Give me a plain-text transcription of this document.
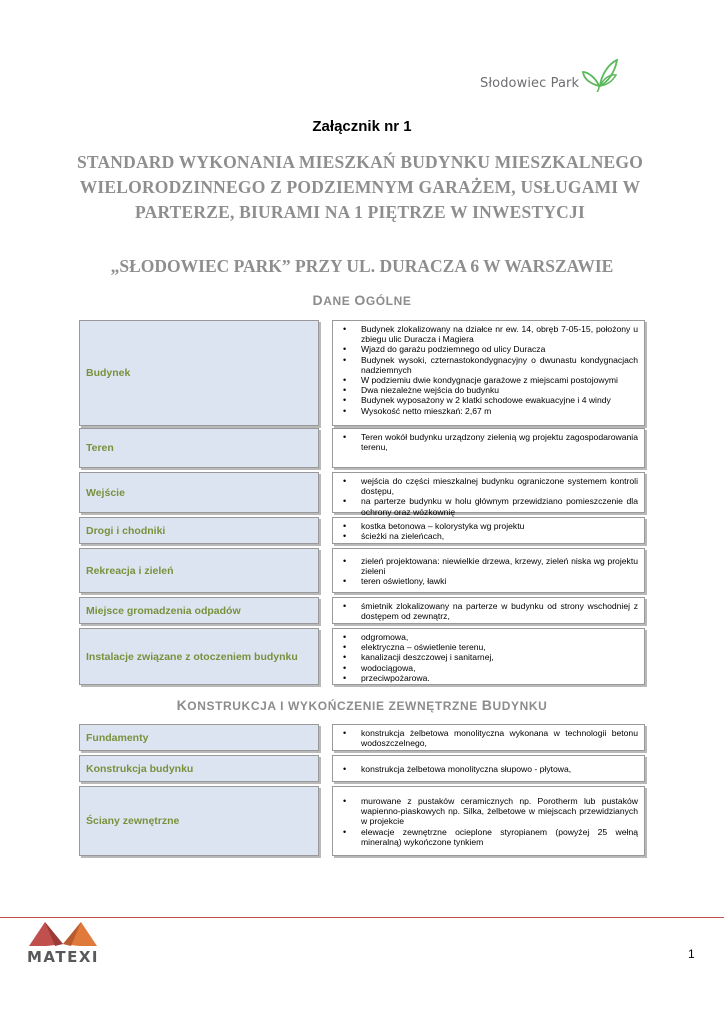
Słodowiec Park
Załącznik nr 1
STANDARD WYKONANIA MIESZKAŃ BUDYNKU MIESZKALNEGO WIELORODZINNEGO Z PODZIEMNYM GARAŻEM, USŁUGAMI W PARTERZE, BIURAMI NA 1 PIĘTRZE W INWESTYCJI
„SŁODOWIEC PARK” PRZY UL. DURACZA 6 W WARSZAWIE
DANE OGÓLNE
Budynek
• Budynek zlokalizowany na działce nr ew. 14, obręb 7-05-15, położony u zbiegu ulic Duracza i Magiera
• Wjazd do garażu podziemnego od ulicy Duracza
• Budynek wysoki, czternastokondygnacyjny o dwunastu kondygnacjach nadziemnych
• W podziemiu dwie kondygnacje garażowe z miejscami postojowymi
• Dwa niezależne wejścia do budynku
• Budynek wyposażony w 2 klatki schodowe ewakuacyjne i 4 windy
• Wysokość netto mieszkań: 2,67 m
Teren
• Teren wokół budynku urządzony zielenią wg projektu zagospodarowania terenu,
Wejście
• wejścia do części mieszkalnej budynku ograniczone systemem kontroli dostępu,
• na parterze budynku w holu głównym przewidziano pomieszczenie dla ochrony oraz wózkownię
Drogi i chodniki	• kostka betonowa – kolorystyka wg projektu
• ścieżki na zieleńcach,
Rekreacja i zieleń
• zieleń projektowana: niewielkie drzewa, krzewy, zieleń niska wg projektu zieleni
• teren oświetlony, ławki
Miejsce gromadzenia odpadów	• śmietnik zlokalizowany na parterze w budynku od strony wschodniej z dostępem od zewnątrz,
Instalacje związane z otoczeniem budynku
• odgromowa,
• elektryczna – oświetlenie terenu,
• kanalizacji deszczowej i sanitarnej,
• wodociągowa,
• przeciwpożarowa.
KONSTRUKCJA I WYKOŃCZENIE ZEWNĘTRZNE BUDYNKU
Fundamenty	• konstrukcja żelbetowa monolityczna wykonana w technologii betonu wodoszczelnego,
Konstrukcja budynku	• konstrukcja żelbetowa monolityczna słupowo - płytowa,
Ściany zewnętrzne
• murowane z pustaków ceramicznych np. Porotherm lub pustaków wapienno-piaskowych np. Silka, żelbetowe w miejscach przewidzianych w projekcie
• elewacje zewnętrzne ocieplone styropianem (powyżej 25 wełną mineralną) wykończone tynkiem
MATEXI	1
